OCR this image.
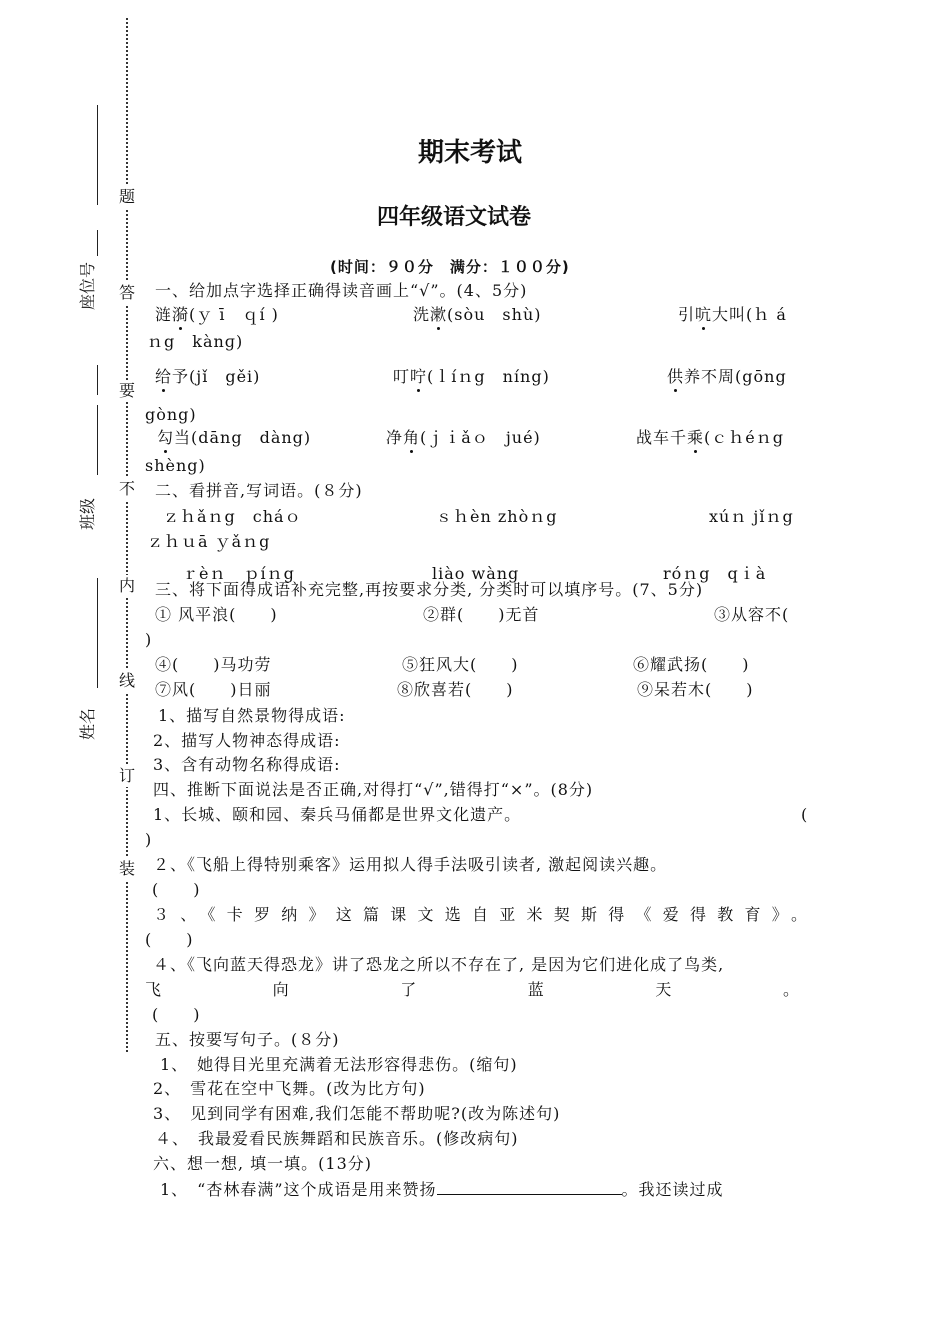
座位号
班级
姓名
题
答
要
不
内
线
订
装
期末考试
四年级语文试卷
(时间：９０分　满分：１００分)
一、给加点字选择正确得读音画上“√”。(4、5分)
涟漪(ｙ ī　ｑí )	洗漱(sòu　shù)	引吭大叫(ｈ á
ｎg　kànɡ)
给予(jǐ　gěi)	叮咛(ｌíｎg　níng)	供养不周(gōng
gòng)
勾当(dāng　dàng)	净角(ｊｉǎｏ　jué)	战车千乘(ｃｈéｎg
shèng)
二、看拼音,写词语。(８分)
ｚｈǎｎg　cháｏ	ｓｈèn zhòｎg	xúｎ jǐｎg
ｚｈｕā ｙǎｎg
ｒèｎ　ｐíｎg	liào wàng	róｎg　qｉà
三、将下面得成语补充完整,再按要求分类, 分类时可以填序号。(7、5分)
① 风平浪(　　)	②群(　　)无首	③从容不(
)
④(　　)马功劳	⑤狂风大(　　)	⑥耀武扬(　　)
⑦风(　　)日丽	⑧欣喜若(　　)	⑨呆若木(　　)
1、描写自然景物得成语:
2、描写人物神态得成语:
3、含有动物名称得成语:
四、推断下面说法是否正确,对得打“√”,错得打“×”。(8分)
1、长城、颐和园、秦兵马俑都是世界文化遗产。	(
)
２、《飞船上得特别乘客》运用拟人得手法吸引读者, 激起阅读兴趣。
(　　)
３、《卡罗纳》这篇课文选自亚米契斯得《爱得教育》。
(　　)
４、《飞向蓝天得恐龙》讲了恐龙之所以不存在了, 是因为它们进化成了鸟类,
飞向了蓝天。
(　　)
五、按要写句子。(８分)
1、　她得目光里充满着无法形容得悲伤。(缩句)
2、　雪花在空中飞舞。(改为比方句)
3、　见到同学有困难,我们怎能不帮助呢?(改为陈述句)
４、　我最爱看民族舞蹈和民族音乐。(修改病句)
六、想一想, 填一填。(13分)
1、　“杏林春满”这个成语是用来赞扬	。我还读过成
